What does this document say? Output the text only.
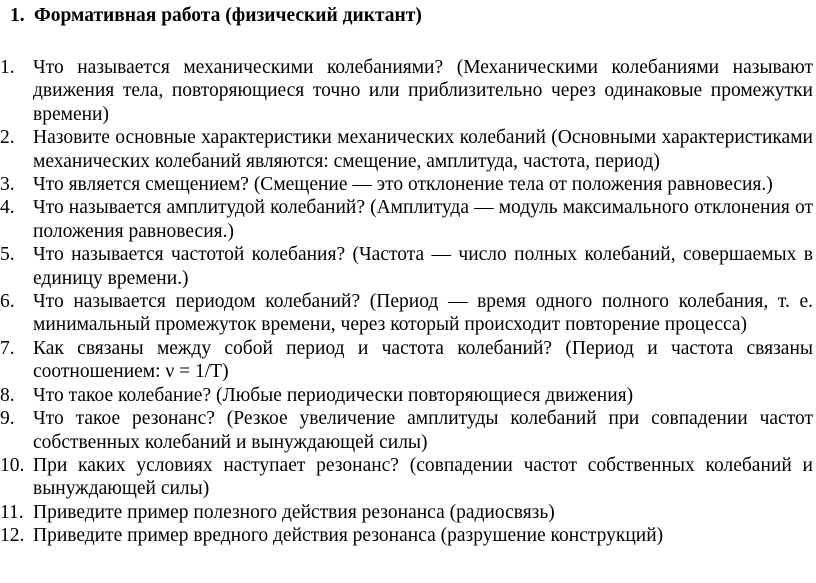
1. Формативная работа (физический диктант)
1. Что называется механическими колебаниями? (Механическими колебаниями называют движения тела, повторяющиеся точно или приблизительно через одинаковые промежутки времени)
2. Назовите основные характеристики механических колебаний (Основными характеристиками механических колебаний являются: смещение, амплитуда, частота, период)
3. Что является смещением? (Смещение — это отклонение тела от положения равновесия.)
4. Что называется амплитудой колебаний? (Амплитуда — модуль максимального отклонения от положения равновесия.)
5. Что называется частотой колебания? (Частота — число полных колебаний, совершаемых в единицу времени.)
6. Что называется периодом колебаний? (Период — время одного полного колебания, т. е. минимальный промежуток времени, через который происходит повторение процесса)
7. Как связаны между собой период и частота колебаний? (Период и частота связаны соотношением: ν = 1/T)
8. Что такое колебание? (Любые периодически повторяющиеся движения)
9. Что такое резонанс? (Резкое увеличение амплитуды колебаний при совпадении частот собственных колебаний и вынуждающей силы)
10. При каких условиях наступает резонанс? (совпадении частот собственных колебаний и вынуждающей силы)
11. Приведите пример полезного действия резонанса (радиосвязь)
12. Приведите пример вредного действия резонанса (разрушение конструкций)
